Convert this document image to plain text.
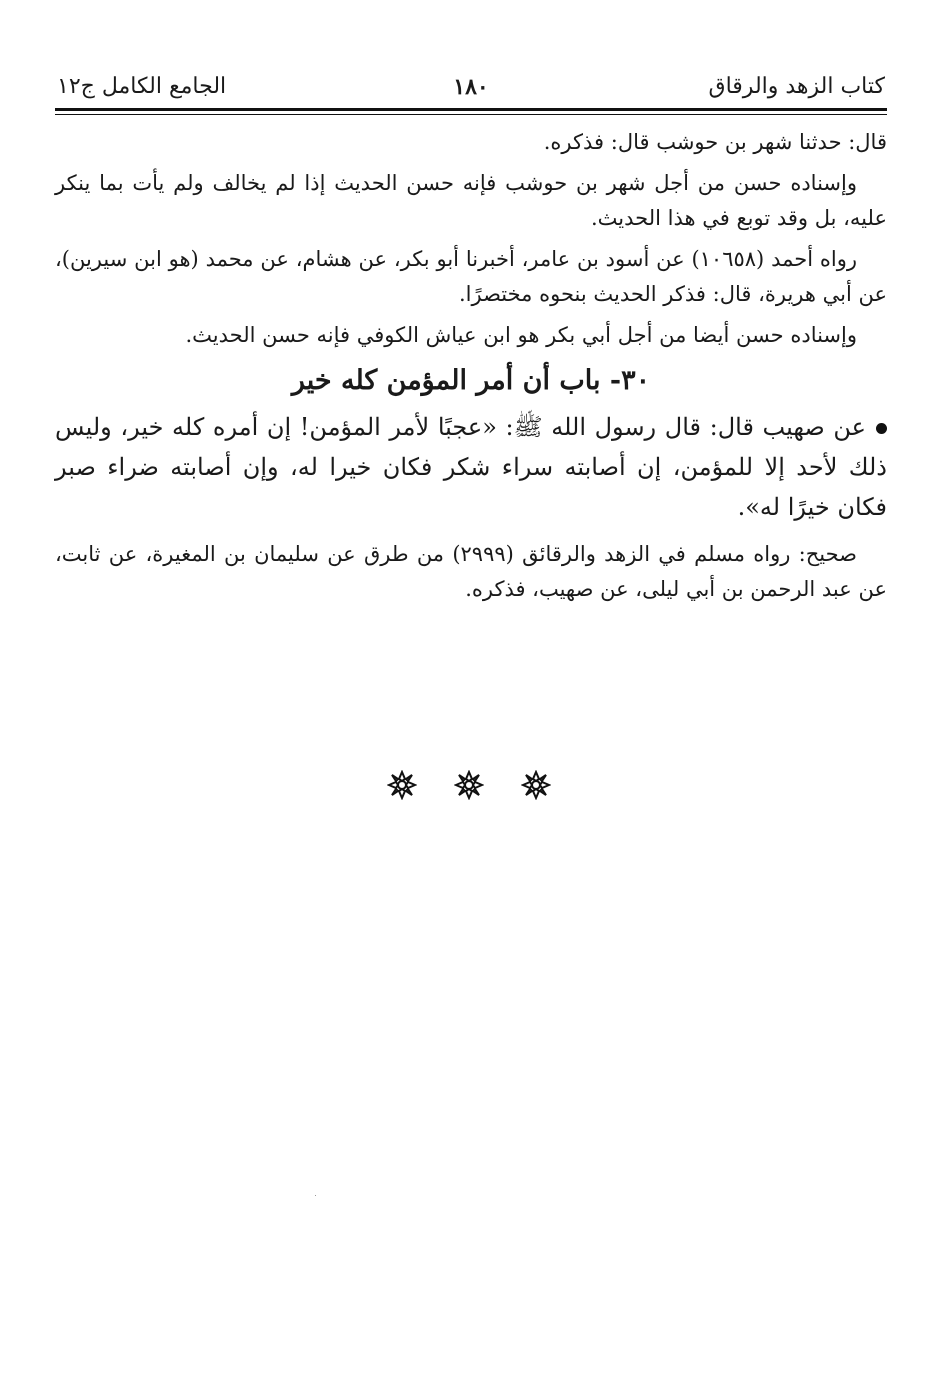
كتاب الزهد والرقاق
١٨٠
الجامع الكامل ج١٢

قال: حدثنا شهر بن حوشب قال: فذكره.

وإسناده حسن من أجل شهر بن حوشب فإنه حسن الحديث إذا لم يخالف ولم يأت بما ينكر عليه، بل وقد توبع في هذا الحديث.

رواه أحمد (١٠٦٥٨) عن أسود بن عامر، أخبرنا أبو بكر، عن هشام، عن محمد (هو ابن سيرين)، عن أبي هريرة، قال: فذكر الحديث بنحوه مختصرًا.

وإسناده حسن أيضا من أجل أبي بكر هو ابن عياش الكوفي فإنه حسن الحديث.

٣٠- باب أن أمر المؤمن كله خير

عن صهيب قال: قال رسول الله ﷺ: «عجبًا لأمر المؤمن! إن أمره كله خير، وليس ذلك لأحد إلا للمؤمن، إن أصابته سراء شكر فكان خيرا له، وإن أصابته ضراء صبر فكان خيرًا له».

صحيح: رواه مسلم في الزهد والرقائق (٢٩٩٩) من طرق عن سليمان بن المغيرة، عن ثابت، عن عبد الرحمن بن أبي ليلى، عن صهيب، فذكره.
